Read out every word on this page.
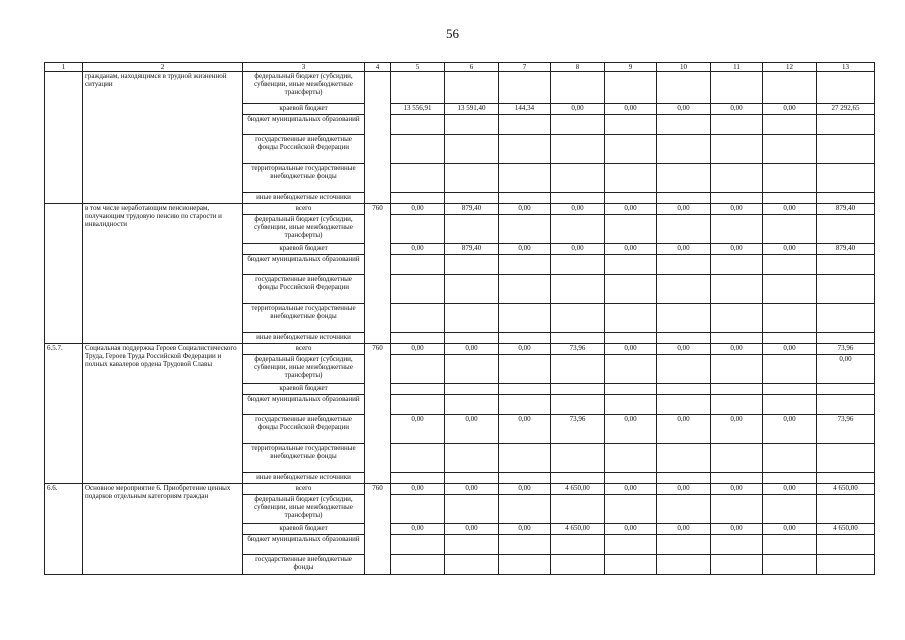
56
1	2	3	4	5	6	7	8	9	10	11	12	13
	гражданам, находящимся в трудной жизненной ситуации	федеральный бюджет (субсидии, субвенции, иные межбюджетные трансферты)										
		краевой бюджет		13 556,91	13 591,40	144,34	0,00	0,00	0,00	0,00	0,00	27 292,65
		бюджет муниципальных образований										
		государственные внебюджетные фонды Российской Федерации										
		территориальные государственные внебюджетные фонды										
		иные внебюджетные источники										
	в том числе неработающим пенсионерам, получающим трудовую пенсию по старости и инвалидности	всего	760	0,00	879,40	0,00	0,00	0,00	0,00	0,00	0,00	879,40
		федеральный бюджет (субсидии, субвенции, иные межбюджетные трансферты)										
		краевой бюджет		0,00	879,40	0,00	0,00	0,00	0,00	0,00	0,00	879,40
		бюджет муниципальных образований										
		государственные внебюджетные фонды Российской Федерации										
		территориальные государственные внебюджетные фонды										
		иные внебюджетные источники										
6.5.7.	Социальная поддержка Героев Социалистического Труда, Героев Труда Российской Федерации и полных кавалеров ордена Трудовой Славы	всего	760	0,00	0,00	0,00	73,96	0,00	0,00	0,00	0,00	73,96
		федеральный бюджет (субсидии, субвенции, иные межбюджетные трансферты)										0,00
		краевой бюджет										
		бюджет муниципальных образований										
		государственные внебюджетные фонды Российской Федерации		0,00	0,00	0,00	73,96	0,00	0,00	0,00	0,00	73,96
		территориальные государственные внебюджетные фонды										
		иные внебюджетные источники										
6.6.	Основное мероприятие 6. Приобретение ценных подарков отдельным категориям граждан	всего	760	0,00	0,00	0,00	4 650,00	0,00	0,00	0,00	0,00	4 650,00
		федеральный бюджет (субсидии, субвенции, иные межбюджетные трансферты)										
		краевой бюджет		0,00	0,00	0,00	4 650,00	0,00	0,00	0,00	0,00	4 650,00
		бюджет муниципальных образований										
		государственные внебюджетные фонды										
